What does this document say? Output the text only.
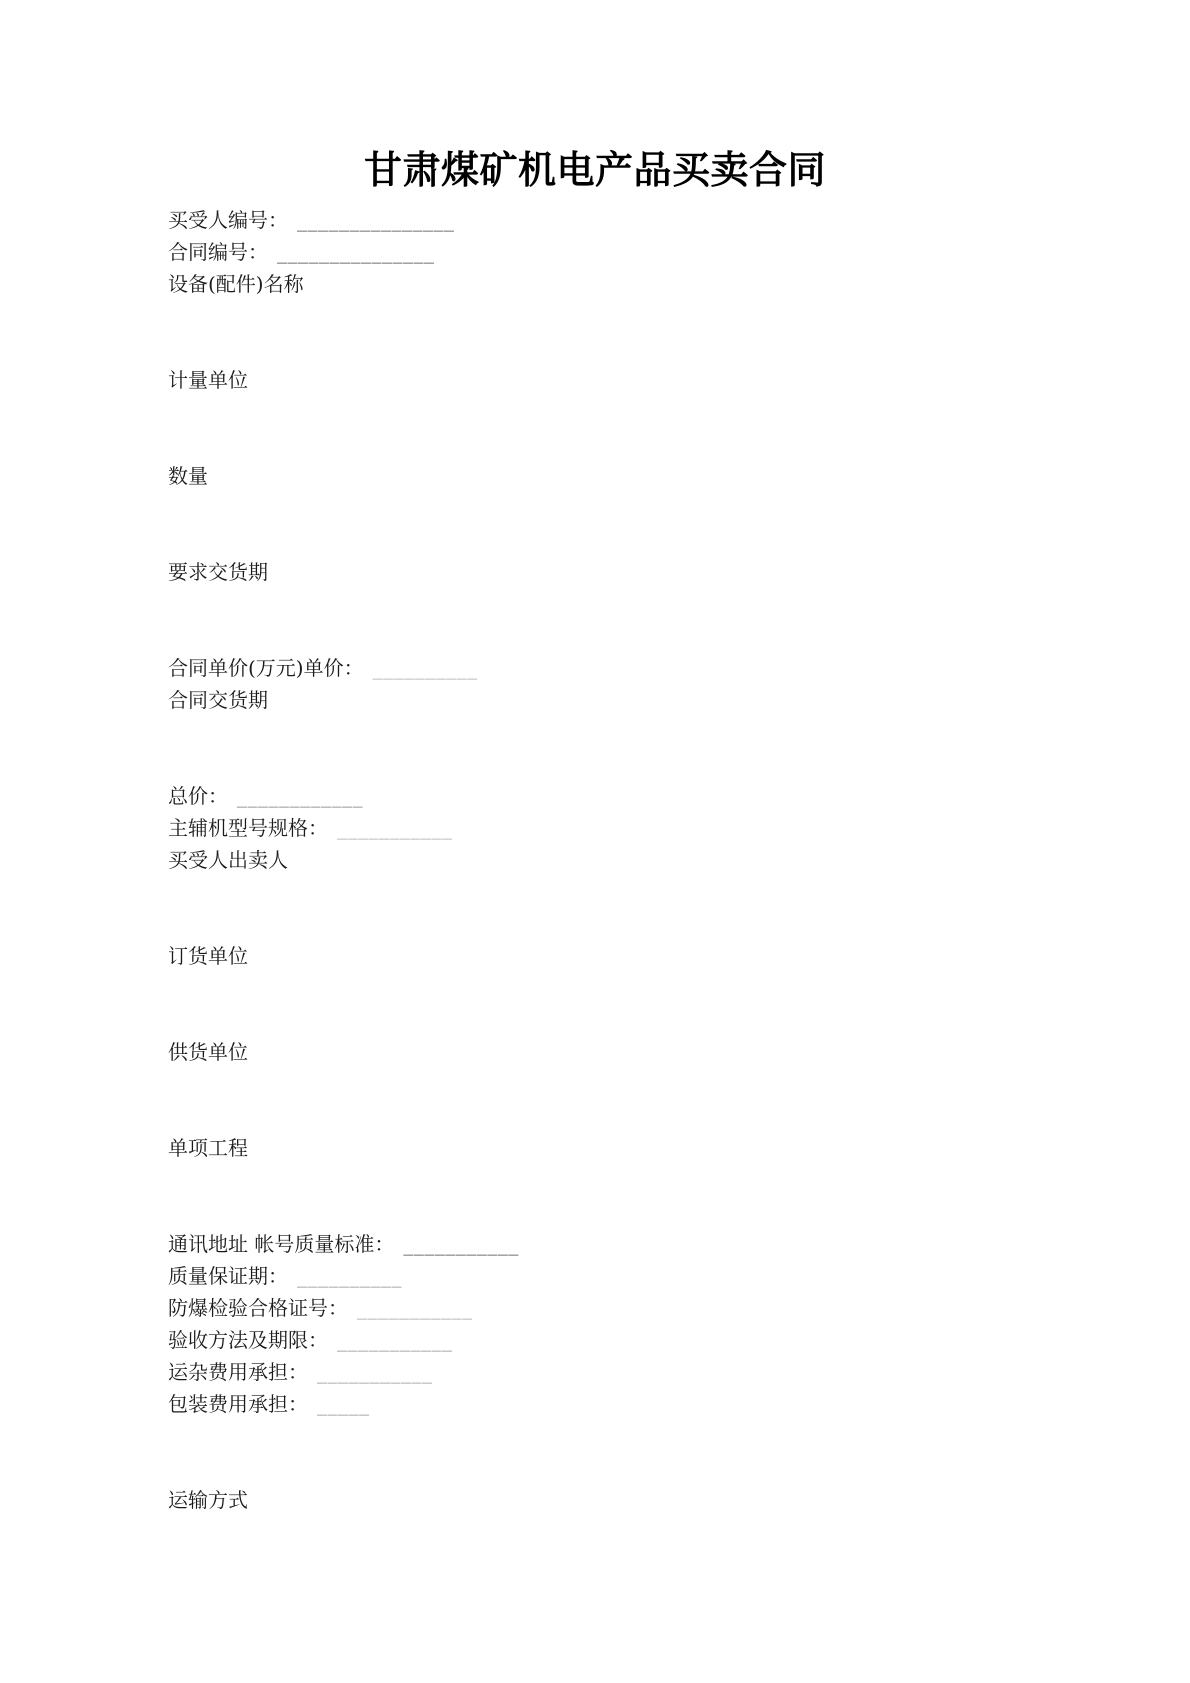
甘肃煤矿机电产品买卖合同
买受人编号： _______________
合同编号： _______________
设备(配件)名称
计量单位
数量
要求交货期
合同单价(万元)单价： __________
合同交货期
总价： ____________
主辅机型号规格： ___________
买受人出卖人
订货单位
供货单位
单项工程
通讯地址 帐号质量标准： ___________
质量保证期： __________
防爆检验合格证号： ___________
验收方法及期限： ___________
运杂费用承担： ___________
包装费用承担： _____
运输方式
